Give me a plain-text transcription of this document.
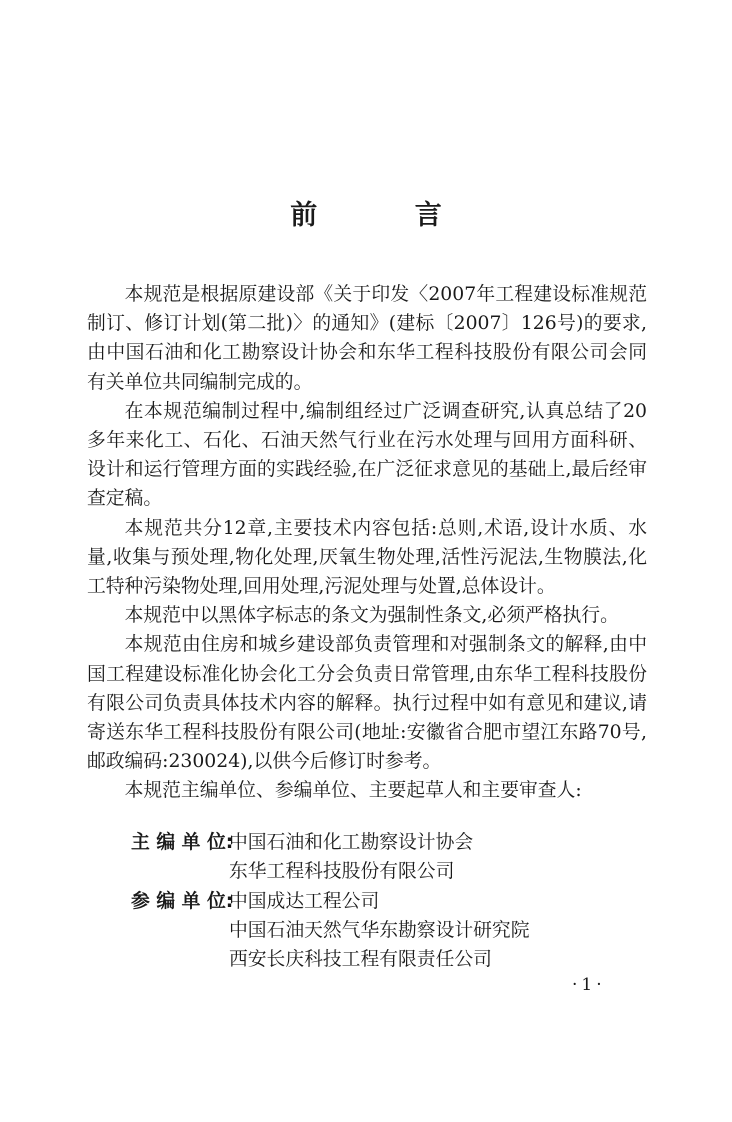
前 言

本规范是根据原建设部《关于印发〈2007年工程建设标准规范制订、修订计划(第二批)〉的通知》(建标〔2007〕126号)的要求,由中国石油和化工勘察设计协会和东华工程科技股份有限公司会同有关单位共同编制完成的。

在本规范编制过程中,编制组经过广泛调查研究,认真总结了20多年来化工、石化、石油天然气行业在污水处理与回用方面科研、设计和运行管理方面的实践经验,在广泛征求意见的基础上,最后经审查定稿。

本规范共分12章,主要技术内容包括:总则,术语,设计水质、水量,收集与预处理,物化处理,厌氧生物处理,活性污泥法,生物膜法,化工特种污染物处理,回用处理,污泥处理与处置,总体设计。

本规范中以黑体字标志的条文为强制性条文,必须严格执行。

本规范由住房和城乡建设部负责管理和对强制条文的解释,由中国工程建设标准化协会化工分会负责日常管理,由东华工程科技股份有限公司负责具体技术内容的解释。执行过程中如有意见和建议,请寄送东华工程科技股份有限公司(地址:安徽省合肥市望江东路70号,邮政编码:230024),以供今后修订时参考。

本规范主编单位、参编单位、主要起草人和主要审查人:

主 编 单 位:
中国石油和化工勘察设计协会
东华工程科技股份有限公司
参 编 单 位:
中国成达工程公司
中国石油天然气华东勘察设计研究院
西安长庆科技工程有限责任公司
·1·
